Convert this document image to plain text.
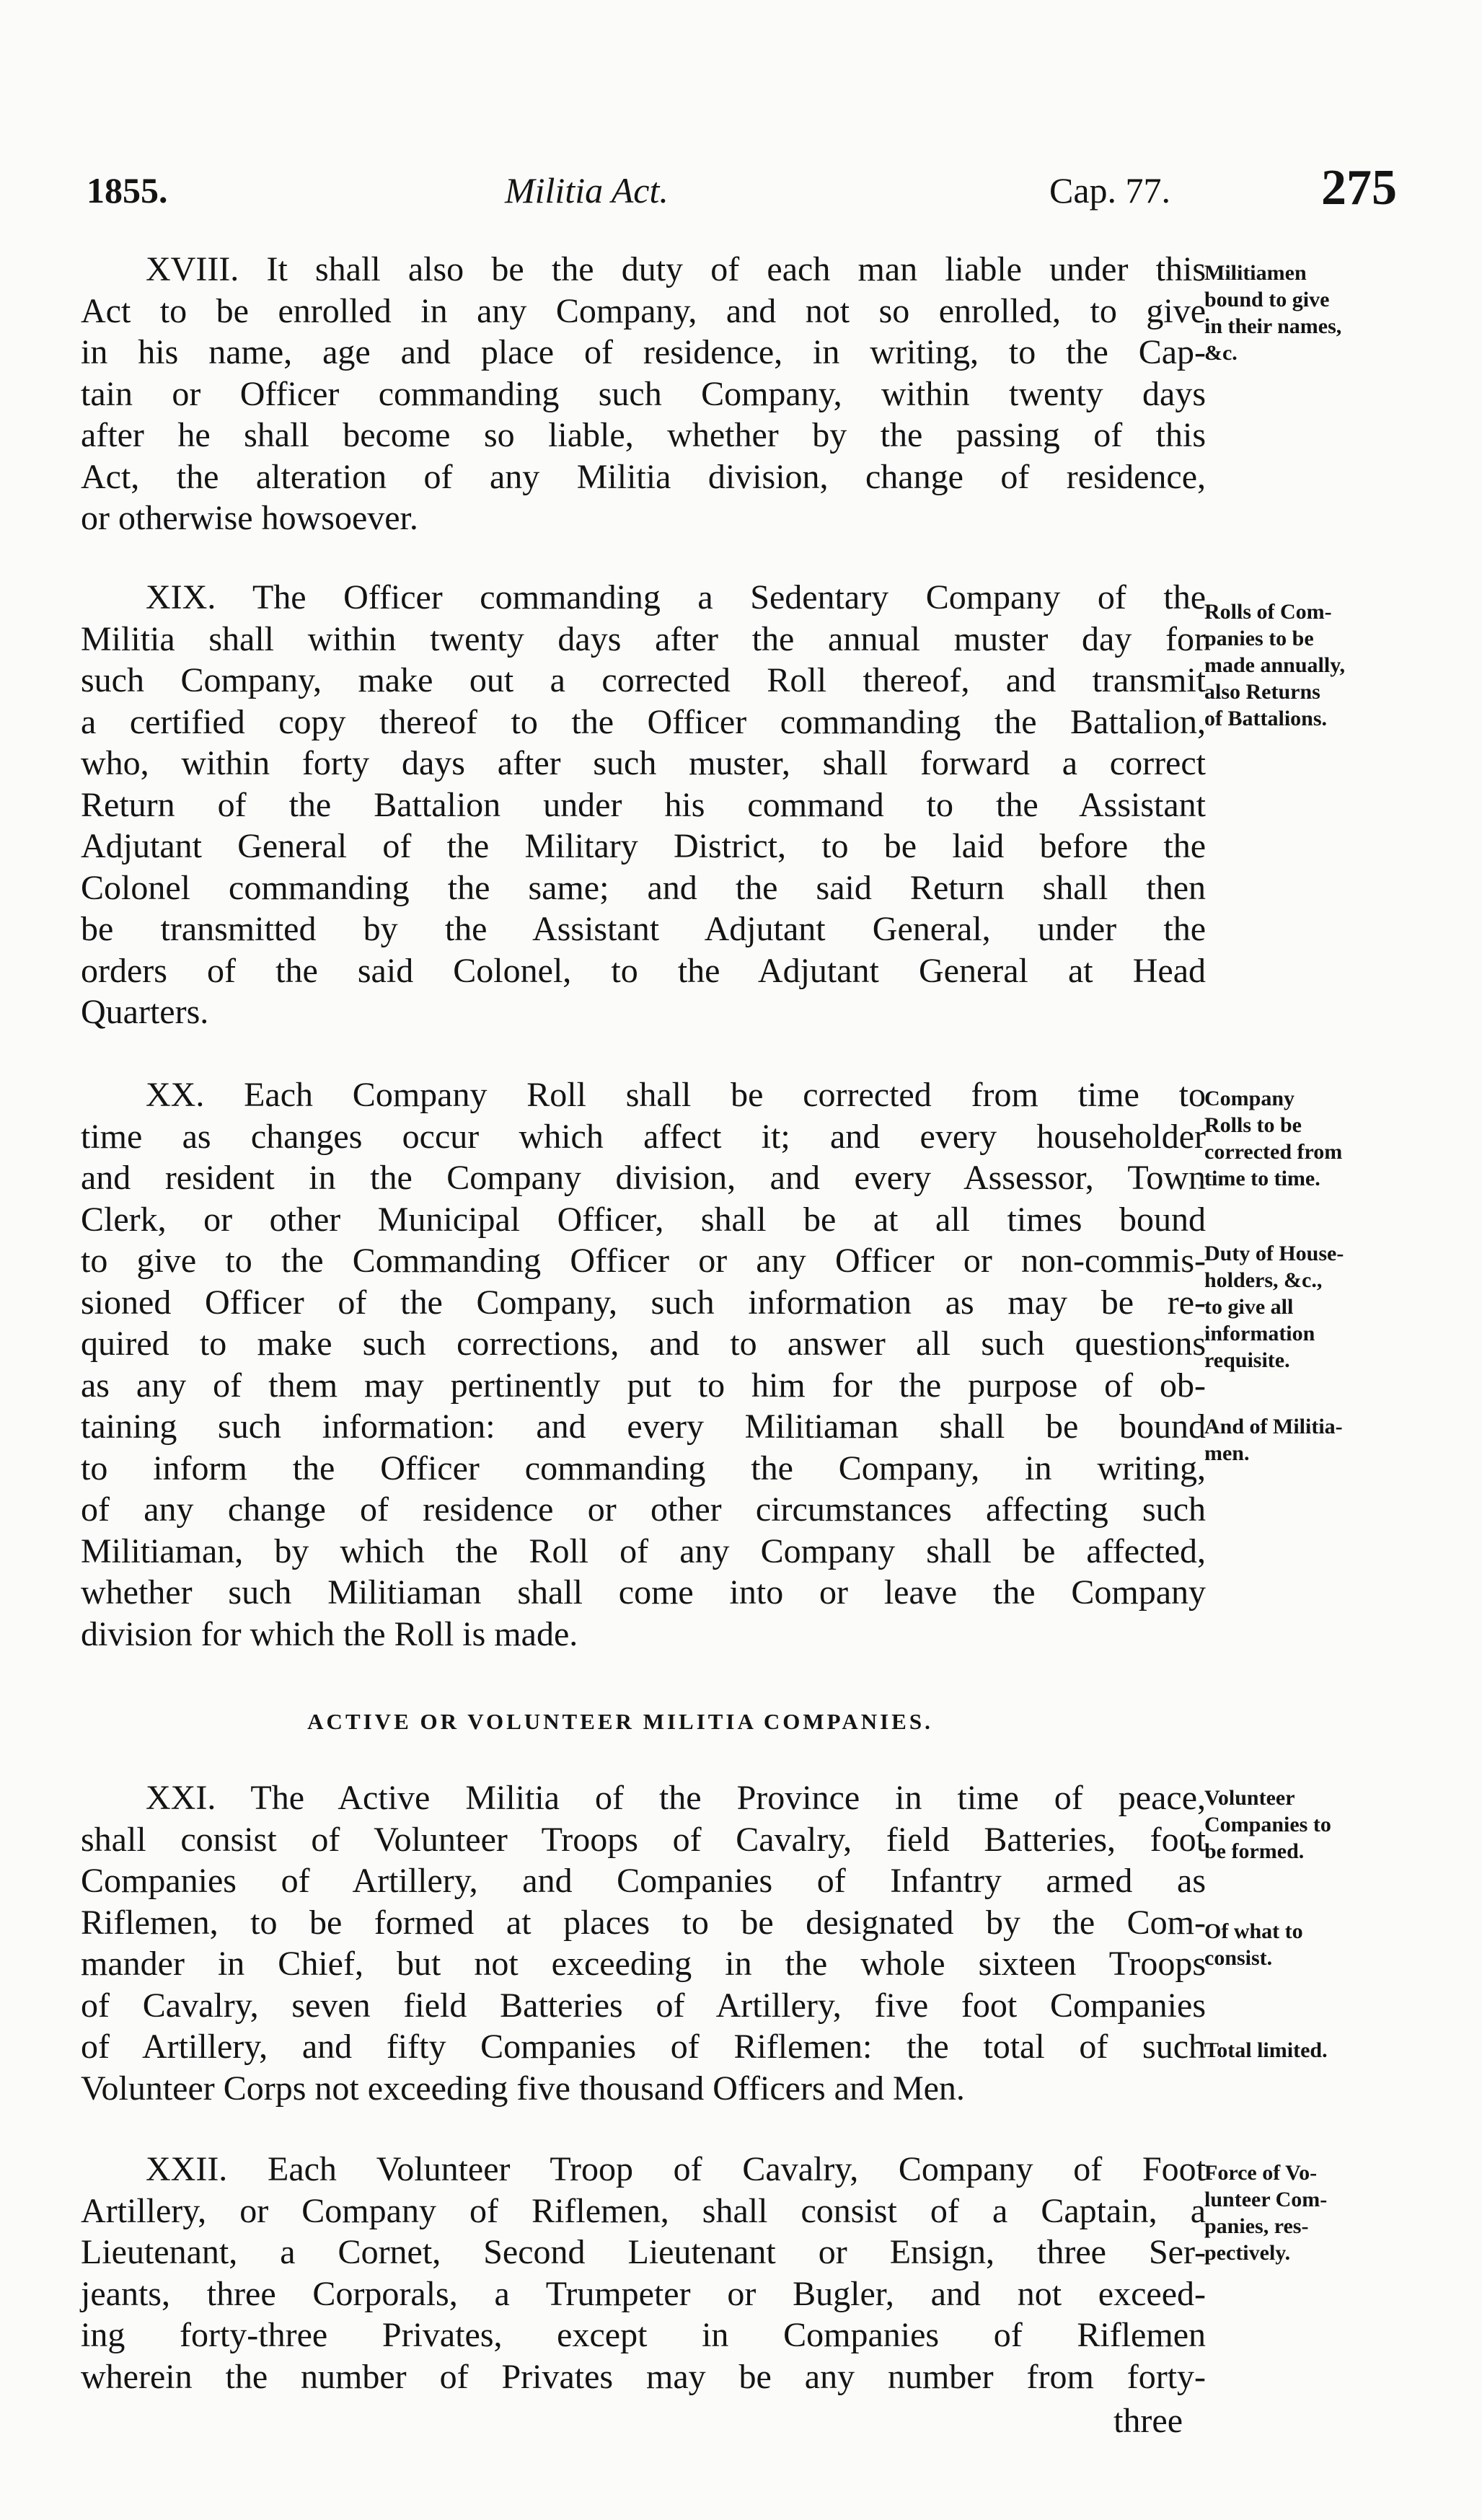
1855.	Militia Act.	Cap. 77.	275
XVIII. It shall also be the duty of each man liable under this
Act to be enrolled in any Company, and not so enrolled, to give
in his name, age and place of residence, in writing, to the Cap-
tain or Officer commanding such Company, within twenty days
after he shall become so liable, whether by the passing of this
Act, the alteration of any Militia division, change of residence,
or otherwise howsoever.
XIX. The Officer commanding a Sedentary Company of the
Militia shall within twenty days after the annual muster day for
such Company, make out a corrected Roll thereof, and transmit
a certified copy thereof to the Officer commanding the Battalion,
who, within forty days after such muster, shall forward a correct
Return of the Battalion under his command to the Assistant
Adjutant General of the Military District, to be laid before the
Colonel commanding the same; and the said Return shall then
be transmitted by the Assistant Adjutant General, under the
orders of the said Colonel, to the Adjutant General at Head
Quarters.
XX. Each Company Roll shall be corrected from time to
time as changes occur which affect it; and every householder
and resident in the Company division, and every Assessor, Town
Clerk, or other Municipal Officer, shall be at all times bound
to give to the Commanding Officer or any Officer or non-commis-
sioned Officer of the Company, such information as may be re-
quired to make such corrections, and to answer all such questions
as any of them may pertinently put to him for the purpose of ob-
taining such information: and every Militiaman shall be bound
to inform the Officer commanding the Company, in writing,
of any change of residence or other circumstances affecting such
Militiaman, by which the Roll of any Company shall be affected,
whether such Militiaman shall come into or leave the Company
division for which the Roll is made.
ACTIVE OR VOLUNTEER MILITIA COMPANIES.
XXI. The Active Militia of the Province in time of peace,
shall consist of Volunteer Troops of Cavalry, field Batteries, foot
Companies of Artillery, and Companies of Infantry armed as
Riflemen, to be formed at places to be designated by the Com-
mander in Chief, but not exceeding in the whole sixteen Troops
of Cavalry, seven field Batteries of Artillery, five foot Companies
of Artillery, and fifty Companies of Riflemen: the total of such
Volunteer Corps not exceeding five thousand Officers and Men.
XXII. Each Volunteer Troop of Cavalry, Company of Foot
Artillery, or Company of Riflemen, shall consist of a Captain, a
Lieutenant, a Cornet, Second Lieutenant or Ensign, three Ser-
jeants, three Corporals, a Trumpeter or Bugler, and not exceed-
ing forty-three Privates, except in Companies of Riflemen
wherein the number of Privates may be any number from forty-
three
Militiamen
bound to give
in their names,
&c.
Rolls of Com-
panies to be
made annually,
also Returns
of Battalions.
Company
Rolls to be
corrected from
time to time.
Duty of House-
holders, &c.,
to give all
information
requisite.
And of Militia-
men.
Volunteer
Companies to
be formed.
Of what to
consist.
Total limited.
Force of Vo-
lunteer Com-
panies, res-
pectively.
